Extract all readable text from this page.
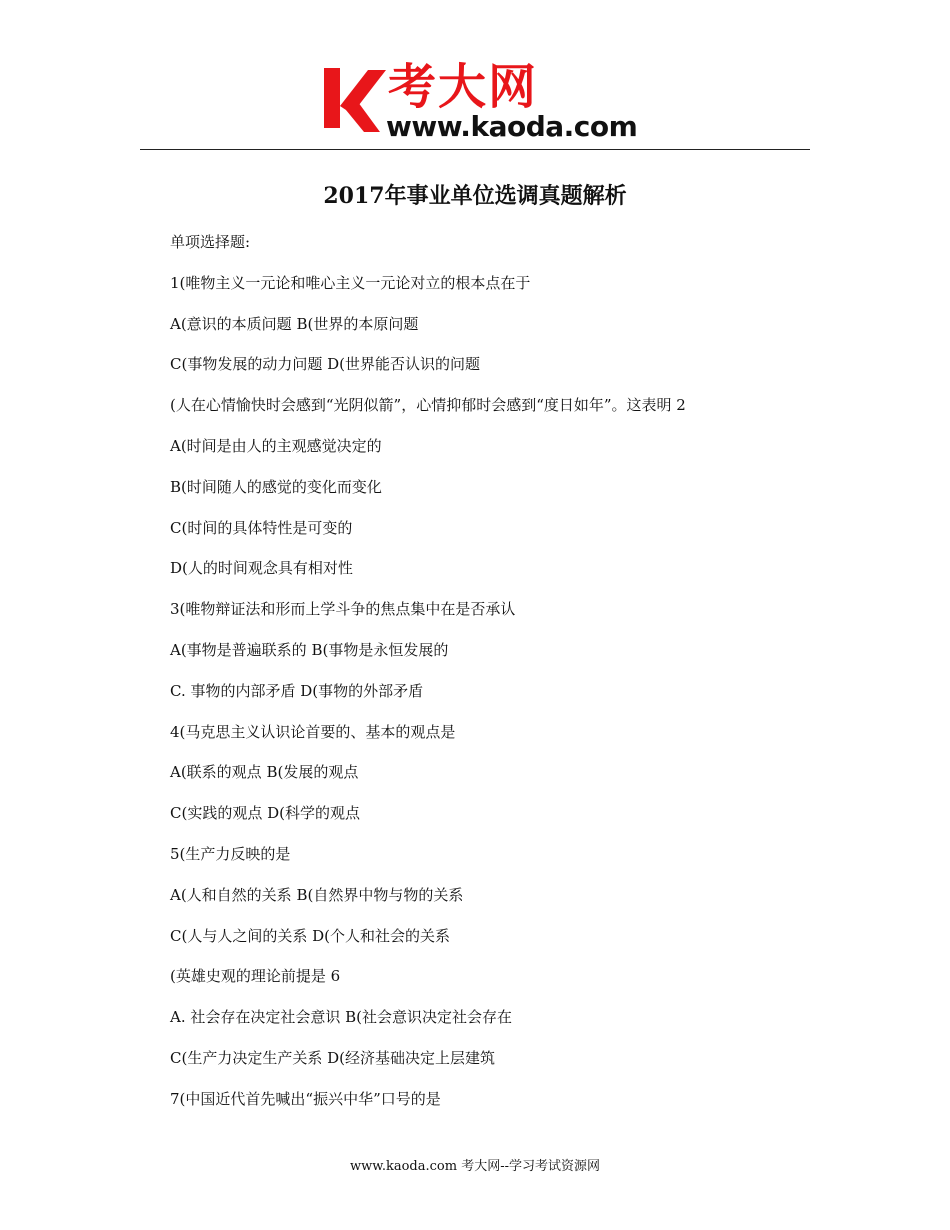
考大网
www.kaoda.com
2017年事业单位选调真题解析
单项选择题:
1(唯物主义一元论和唯心主义一元论对立的根本点在于
A(意识的本质问题 B(世界的本原问题
C(事物发展的动力问题 D(世界能否认识的问题
(人在心情愉快时会感到“光阴似箭”，心情抑郁时会感到“度日如年”。这表明 2
A(时间是由人的主观感觉决定的
B(时间随人的感觉的变化而变化
C(时间的具体特性是可变的
D(人的时间观念具有相对性
3(唯物辩证法和形而上学斗争的焦点集中在是否承认
A(事物是普遍联系的 B(事物是永恒发展的
C. 事物的内部矛盾 D(事物的外部矛盾
4(马克思主义认识论首要的、基本的观点是
A(联系的观点 B(发展的观点
C(实践的观点 D(科学的观点
5(生产力反映的是
A(人和自然的关系 B(自然界中物与物的关系
C(人与人之间的关系 D(个人和社会的关系
(英雄史观的理论前提是 6
A. 社会存在决定社会意识 B(社会意识决定社会存在
C(生产力决定生产关系 D(经济基础决定上层建筑
7(中国近代首先喊出“振兴中华”口号的是
www.kaoda.com 考大网--学习考试资源网
